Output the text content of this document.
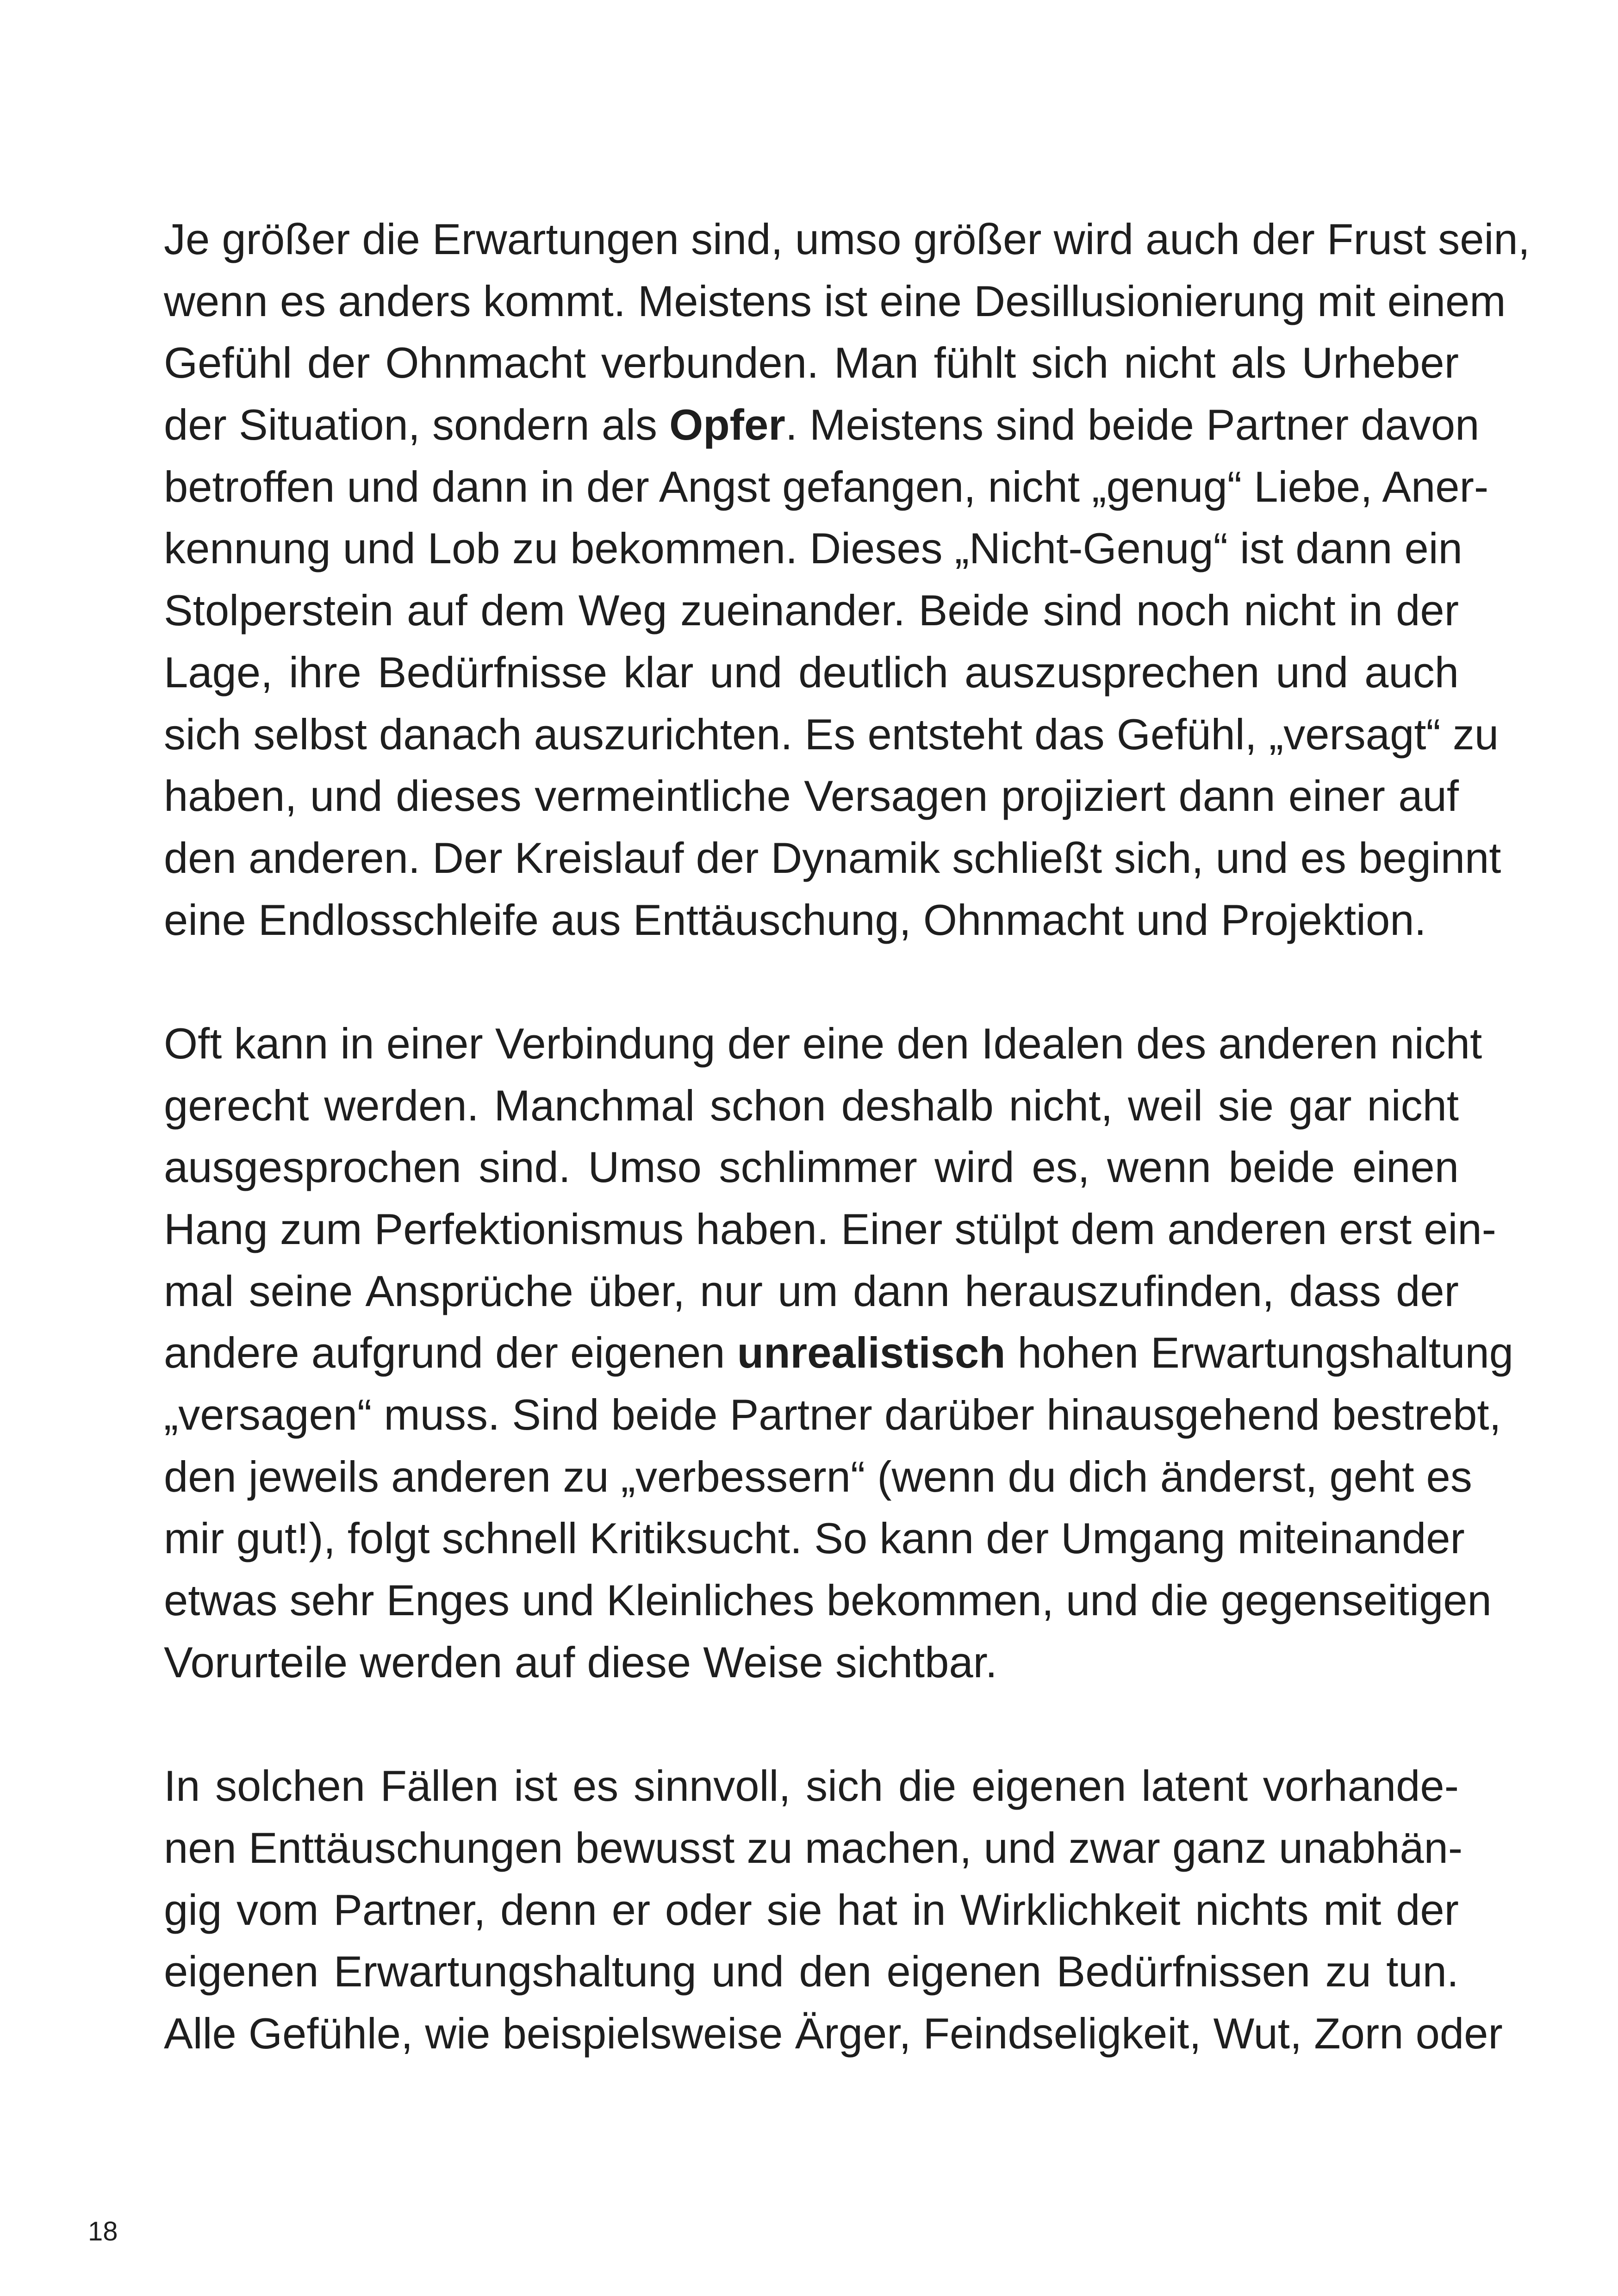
Je größer die Erwartungen sind, umso größer wird auch der Frust sein,
wenn es anders kommt. Meistens ist eine Desillusionierung mit einem
Gefühl der Ohnmacht verbunden. Man fühlt sich nicht als Urheber
der Situation, sondern als Opfer. Meistens sind beide Partner davon
betroffen und dann in der Angst gefangen, nicht „genug“ Liebe, Aner-
kennung und Lob zu bekommen. Dieses „Nicht-Genug“ ist dann ein
Stolperstein auf dem Weg zueinander. Beide sind noch nicht in der
Lage, ihre Bedürfnisse klar und deutlich auszusprechen und auch
sich selbst danach auszurichten. Es entsteht das Gefühl, „versagt“ zu
haben, und dieses vermeintliche Versagen projiziert dann einer auf
den anderen. Der Kreislauf der Dynamik schließt sich, und es beginnt
eine Endlosschleife aus Enttäuschung, Ohnmacht und Projektion.
Oft kann in einer Verbindung der eine den Idealen des anderen nicht
gerecht werden. Manchmal schon deshalb nicht, weil sie gar nicht
ausgesprochen sind. Umso schlimmer wird es, wenn beide einen
Hang zum Perfektionismus haben. Einer stülpt dem anderen erst ein-
mal seine Ansprüche über, nur um dann herauszufinden, dass der
andere aufgrund der eigenen unrealistisch hohen Erwartungshaltung
„versagen“ muss. Sind beide Partner darüber hinausgehend bestrebt,
den jeweils anderen zu „verbessern“ (wenn du dich änderst, geht es
mir gut!), folgt schnell Kritiksucht. So kann der Umgang miteinander
etwas sehr Enges und Kleinliches bekommen, und die gegenseitigen
Vorurteile werden auf diese Weise sichtbar.
In solchen Fällen ist es sinnvoll, sich die eigenen latent vorhande-
nen Enttäuschungen bewusst zu machen, und zwar ganz unabhän-
gig vom Partner, denn er oder sie hat in Wirklichkeit nichts mit der
eigenen Erwartungshaltung und den eigenen Bedürfnissen zu tun.
Alle Gefühle, wie beispielsweise Ärger, Feindseligkeit, Wut, Zorn oder
18
